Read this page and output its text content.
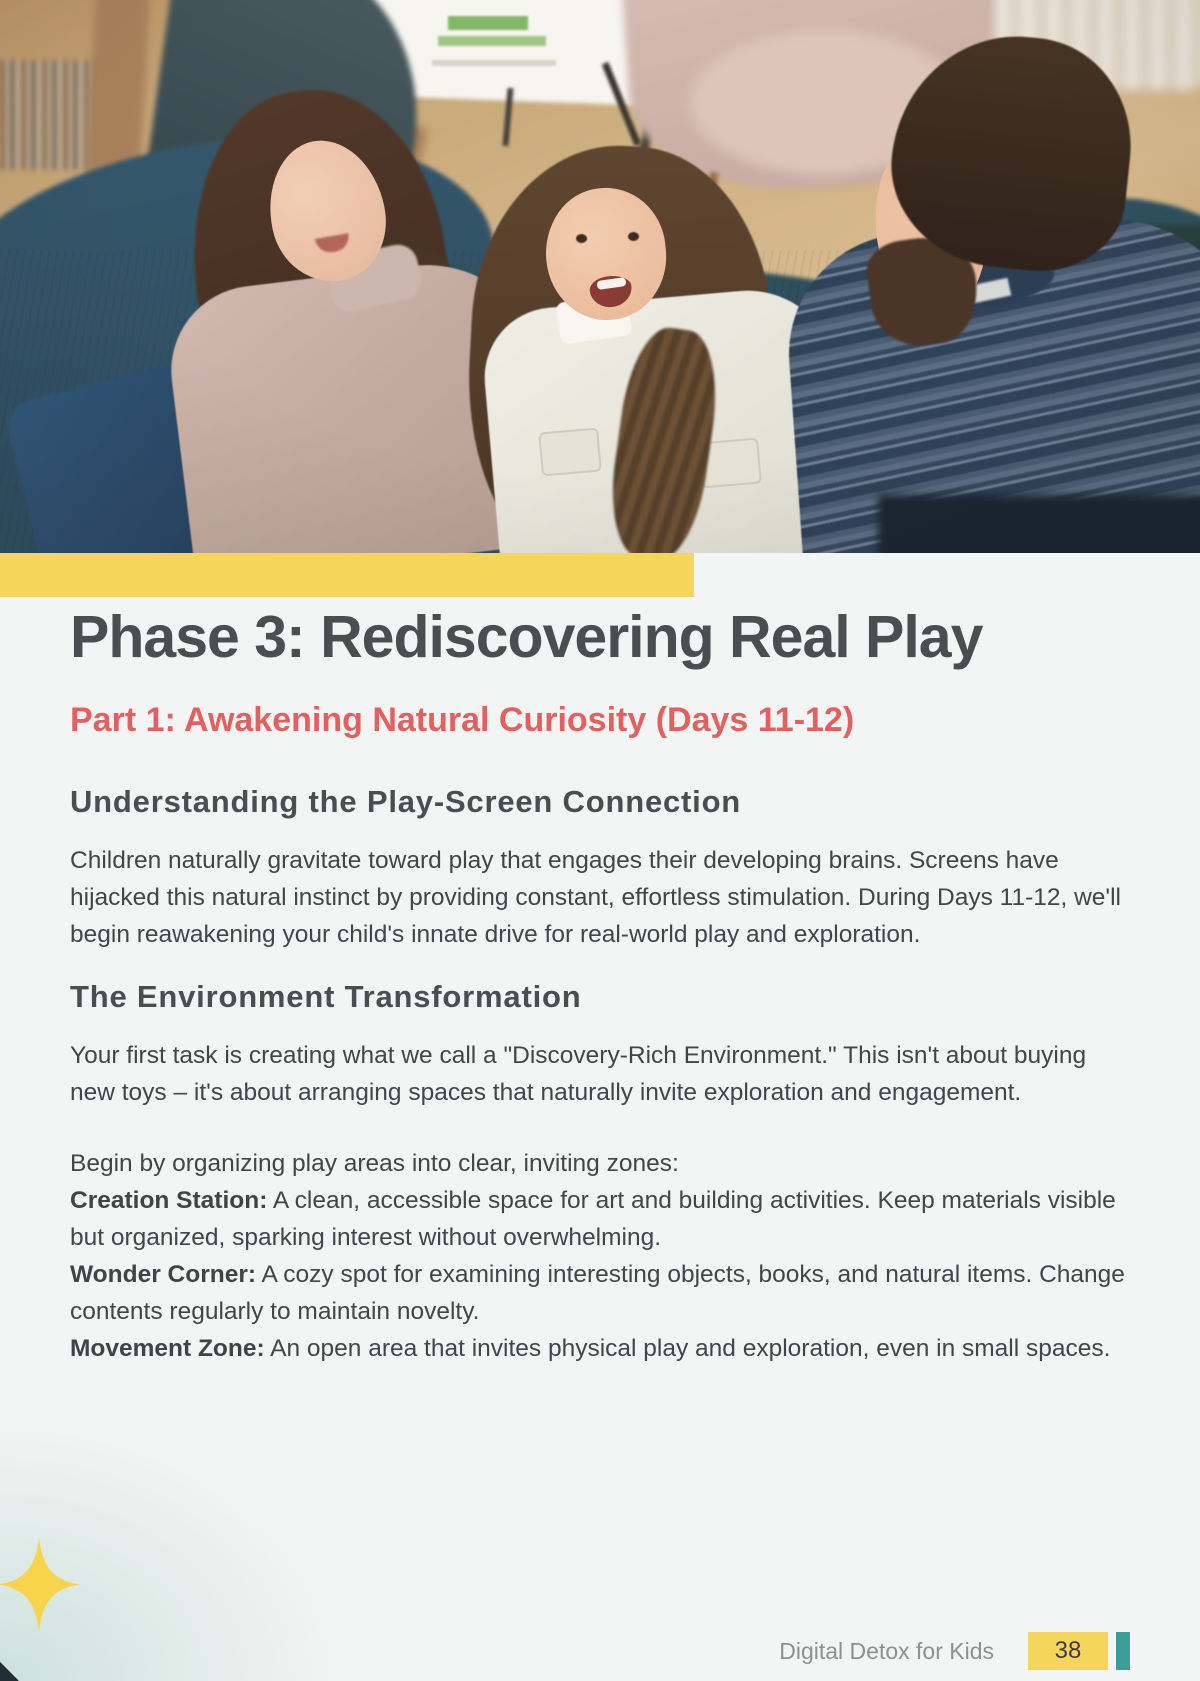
Phase 3: Rediscovering Real Play
Part 1: Awakening Natural Curiosity (Days 11-12)
Understanding the Play-Screen Connection

Children naturally gravitate toward play that engages their developing brains. Screens have hijacked this natural instinct by providing constant, effortless stimulation. During Days 11-12, we'll begin reawakening your child's innate drive for real-world play and exploration.

The Environment Transformation

Your first task is creating what we call a "Discovery-Rich Environment." This isn't about buying new toys – it's about arranging spaces that naturally invite exploration and engagement.

Begin by organizing play areas into clear, inviting zones:
Creation Station: A clean, accessible space for art and building activities. Keep materials visible but organized, sparking interest without overwhelming.
Wonder Corner: A cozy spot for examining interesting objects, books, and natural items. Change contents regularly to maintain novelty.
Movement Zone: An open area that invites physical play and exploration, even in small spaces.
Digital Detox for Kids	38
